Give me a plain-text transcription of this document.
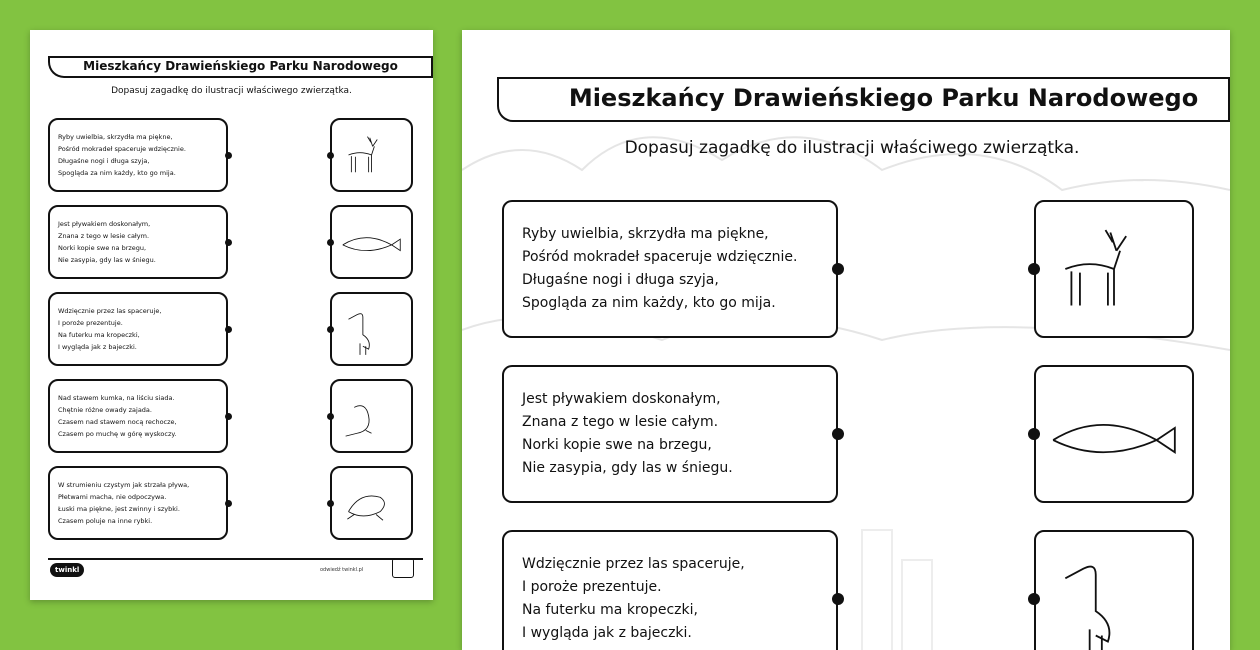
Mieszkańcy Drawieńskiego Parku Narodowego
Dopasuj zagadkę do ilustracji właściwego zwierzątka.
Ryby uwielbia, skrzydła ma piękne,
Pośród mokradeł spaceruje wdzięcznie.
Długaśne nogi i długa szyja,
Spogląda za nim każdy, kto go mija.
Jest pływakiem doskonałym,
Znana z tego w lesie całym.
Norki kopie swe na brzegu,
Nie zasypia, gdy las w śniegu.
Wdzięcznie przez las spaceruje,
I poroże prezentuje.
Na futerku ma kropeczki,
I wygląda jak z bajeczki.
Nad stawem kumka, na liściu siada.
Chętnie różne owady zajada.
Czasem nad stawem nocą rechocze,
Czasem po muchę w górę wyskoczy.
W strumieniu czystym jak strzała pływa,
Płetwami macha, nie odpoczywa.
Łuski ma piękne, jest zwinny i szybki.
Czasem poluje na inne rybki.
twinkl	odwiedź twinkl.pl
Mieszkańcy Drawieńskiego Parku Narodowego
Dopasuj zagadkę do ilustracji właściwego zwierzątka.
Ryby uwielbia, skrzydła ma piękne,
Pośród mokradeł spaceruje wdzięcznie.
Długaśne nogi i długa szyja,
Spogląda za nim każdy, kto go mija.
Jest pływakiem doskonałym,
Znana z tego w lesie całym.
Norki kopie swe na brzegu,
Nie zasypia, gdy las w śniegu.
Wdzięcznie przez las spaceruje,
I poroże prezentuje.
Na futerku ma kropeczki,
I wygląda jak z bajeczki.
